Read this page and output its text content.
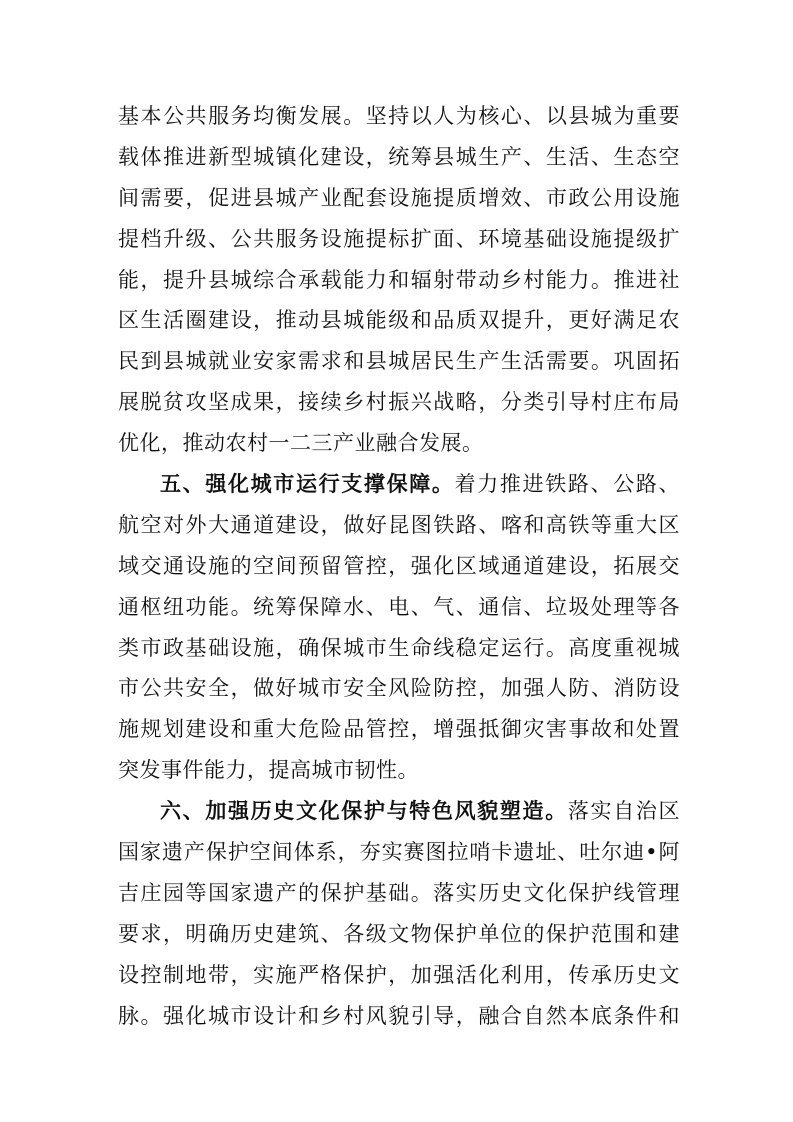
基本公共服务均衡发展。坚持以人为核心、以县城为重要
载体推进新型城镇化建设，统筹县城生产、生活、生态空
间需要，促进县城产业配套设施提质增效、市政公用设施
提档升级、公共服务设施提标扩面、环境基础设施提级扩
能，提升县城综合承载能力和辐射带动乡村能力。推进社
区生活圈建设，推动县城能级和品质双提升，更好满足农
民到县城就业安家需求和县城居民生产生活需要。巩固拓
展脱贫攻坚成果，接续乡村振兴战略，分类引导村庄布局
优化，推动农村一二三产业融合发展。
五、强化城市运行支撑保障。着力推进铁路、公路、
航空对外大通道建设，做好昆图铁路、喀和高铁等重大区
域交通设施的空间预留管控，强化区域通道建设，拓展交
通枢纽功能。统筹保障水、电、气、通信、垃圾处理等各
类市政基础设施，确保城市生命线稳定运行。高度重视城
市公共安全，做好城市安全风险防控，加强人防、消防设
施规划建设和重大危险品管控，增强抵御灾害事故和处置
突发事件能力，提高城市韧性。
六、加强历史文化保护与特色风貌塑造。落实自治区
国家遗产保护空间体系，夯实赛图拉哨卡遗址、吐尔迪•阿
吉庄园等国家遗产的保护基础。落实历史文化保护线管理
要求，明确历史建筑、各级文物保护单位的保护范围和建
设控制地带，实施严格保护，加强活化利用，传承历史文
脉。强化城市设计和乡村风貌引导，融合自然本底条件和
